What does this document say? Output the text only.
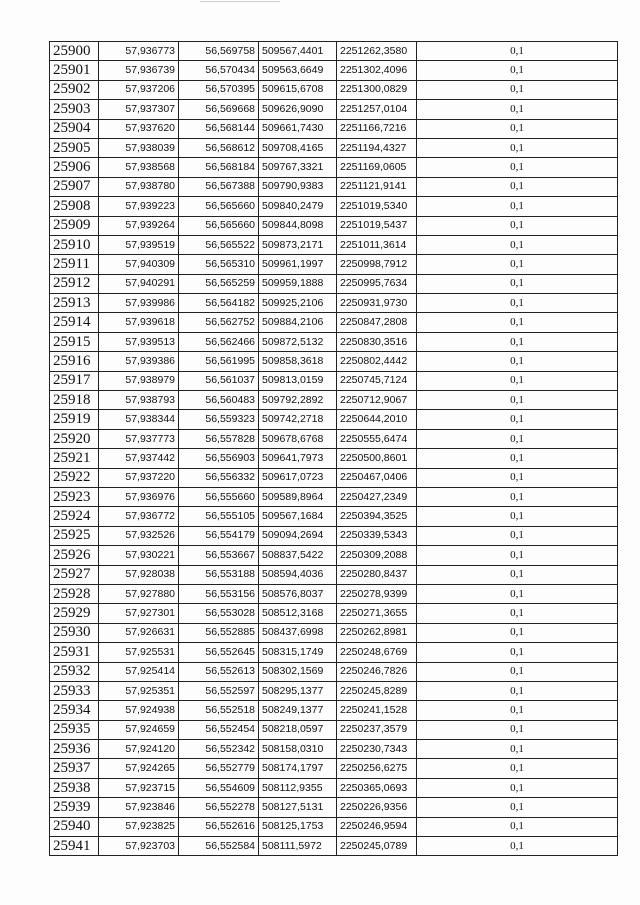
25900	57,936773	56,569758	509567,4401	2251262,3580	0,1
25901	57,936739	56,570434	509563,6649	2251302,4096	0,1
25902	57,937206	56,570395	509615,6708	2251300,0829	0,1
25903	57,937307	56,569668	509626,9090	2251257,0104	0,1
25904	57,937620	56,568144	509661,7430	2251166,7216	0,1
25905	57,938039	56,568612	509708,4165	2251194,4327	0,1
25906	57,938568	56,568184	509767,3321	2251169,0605	0,1
25907	57,938780	56,567388	509790,9383	2251121,9141	0,1
25908	57,939223	56,565660	509840,2479	2251019,5340	0,1
25909	57,939264	56,565660	509844,8098	2251019,5437	0,1
25910	57,939519	56,565522	509873,2171	2251011,3614	0,1
25911	57,940309	56,565310	509961,1997	2250998,7912	0,1
25912	57,940291	56,565259	509959,1888	2250995,7634	0,1
25913	57,939986	56,564182	509925,2106	2250931,9730	0,1
25914	57,939618	56,562752	509884,2106	2250847,2808	0,1
25915	57,939513	56,562466	509872,5132	2250830,3516	0,1
25916	57,939386	56,561995	509858,3618	2250802,4442	0,1
25917	57,938979	56,561037	509813,0159	2250745,7124	0,1
25918	57,938793	56,560483	509792,2892	2250712,9067	0,1
25919	57,938344	56,559323	509742,2718	2250644,2010	0,1
25920	57,937773	56,557828	509678,6768	2250555,6474	0,1
25921	57,937442	56,556903	509641,7973	2250500,8601	0,1
25922	57,937220	56,556332	509617,0723	2250467,0406	0,1
25923	57,936976	56,555660	509589,8964	2250427,2349	0,1
25924	57,936772	56,555105	509567,1684	2250394,3525	0,1
25925	57,932526	56,554179	509094,2694	2250339,5343	0,1
25926	57,930221	56,553667	508837,5422	2250309,2088	0,1
25927	57,928038	56,553188	508594,4036	2250280,8437	0,1
25928	57,927880	56,553156	508576,8037	2250278,9399	0,1
25929	57,927301	56,553028	508512,3168	2250271,3655	0,1
25930	57,926631	56,552885	508437,6998	2250262,8981	0,1
25931	57,925531	56,552645	508315,1749	2250248,6769	0,1
25932	57,925414	56,552613	508302,1569	2250246,7826	0,1
25933	57,925351	56,552597	508295,1377	2250245,8289	0,1
25934	57,924938	56,552518	508249,1377	2250241,1528	0,1
25935	57,924659	56,552454	508218,0597	2250237,3579	0,1
25936	57,924120	56,552342	508158,0310	2250230,7343	0,1
25937	57,924265	56,552779	508174,1797	2250256,6275	0,1
25938	57,923715	56,554609	508112,9355	2250365,0693	0,1
25939	57,923846	56,552278	508127,5131	2250226,9356	0,1
25940	57,923825	56,552616	508125,1753	2250246,9594	0,1
25941	57,923703	56,552584	508111,5972	2250245,0789	0,1
